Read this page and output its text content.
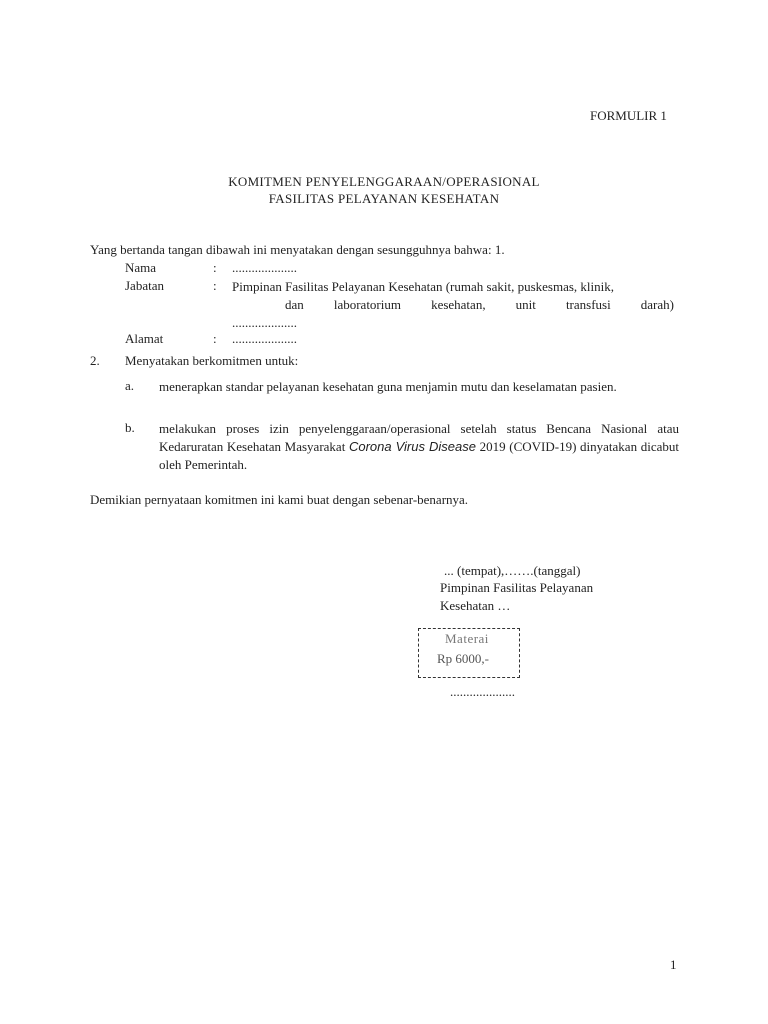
FORMULIR 1
KOMITMEN PENYELENGGARAAN/OPERASIONAL
FASILITAS PELAYANAN KESEHATAN
Yang bertanda tangan dibawah ini menyatakan dengan sesungguhnya bahwa: 1.
Nama	: ....................
Jabatan	: Pimpinan Fasilitas Pelayanan Kesehatan (rumah sakit, puskesmas, klinik,
dan laboratorium kesehatan, unit transfusi darah)
....................
Alamat	: ....................
2. Menyatakan berkomitmen untuk:
a. menerapkan standar pelayanan kesehatan guna menjamin mutu dan keselamatan pasien.
b. melakukan proses izin penyelenggaraan/operasional setelah status Bencana Nasional atau Kedaruratan Kesehatan Masyarakat Corona Virus Disease 2019 (COVID-19) dinyatakan dicabut oleh Pemerintah.
Demikian pernyataan komitmen ini kami buat dengan sebenar-benarnya.
... (tempat),…….(tanggal)
Pimpinan Fasilitas Pelayanan
Kesehatan …
Materai
Rp 6000,-
....................
1
